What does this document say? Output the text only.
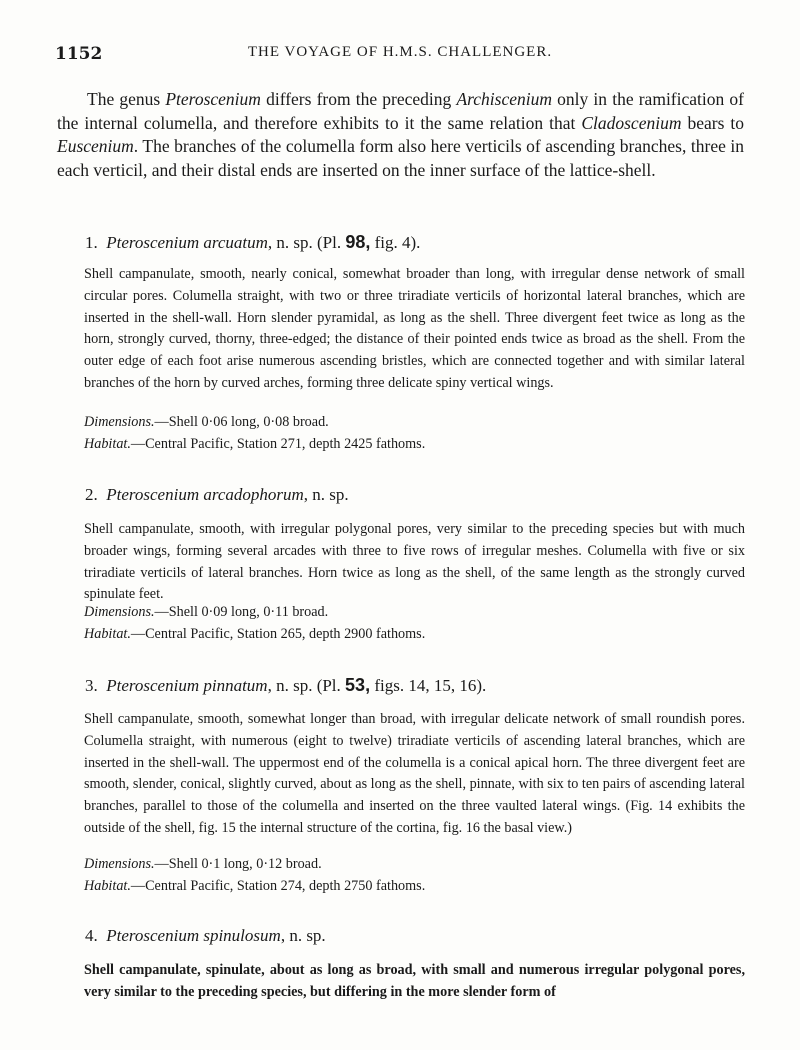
1152	THE VOYAGE OF H.M.S. CHALLENGER.

The genus Pteroscenium differs from the preceding Archiscenium only in the ramification of the internal columella, and therefore exhibits to it the same relation that Cladoscenium bears to Euscenium. The branches of the columella form also here verticils of ascending branches, three in each verticil, and their distal ends are inserted on the inner surface of the lattice-shell.

1. Pteroscenium arcuatum, n. sp. (Pl. 98, fig. 4).

Shell campanulate, smooth, nearly conical, somewhat broader than long, with irregular dense network of small circular pores. Columella straight, with two or three triradiate verticils of horizontal lateral branches, which are inserted in the shell-wall. Horn slender pyramidal, as long as the shell. Three divergent feet twice as long as the horn, strongly curved, thorny, three-edged; the distance of their pointed ends twice as broad as the shell. From the outer edge of each foot arise numerous ascending bristles, which are connected together and with similar lateral branches of the horn by curved arches, forming three delicate spiny vertical wings.

Dimensions.—Shell 0·06 long, 0·08 broad.

Habitat.—Central Pacific, Station 271, depth 2425 fathoms.

2. Pteroscenium arcadophorum, n. sp.

Shell campanulate, smooth, with irregular polygonal pores, very similar to the preceding species but with much broader wings, forming several arcades with three to five rows of irregular meshes. Columella with five or six triradiate verticils of lateral branches. Horn twice as long as the shell, of the same length as the strongly curved spinulate feet.

Dimensions.—Shell 0·09 long, 0·11 broad.

Habitat.—Central Pacific, Station 265, depth 2900 fathoms.

3. Pteroscenium pinnatum, n. sp. (Pl. 53, figs. 14, 15, 16).

Shell campanulate, smooth, somewhat longer than broad, with irregular delicate network of small roundish pores. Columella straight, with numerous (eight to twelve) triradiate verticils of ascending lateral branches, which are inserted in the shell-wall. The uppermost end of the columella is a conical apical horn. The three divergent feet are smooth, slender, conical, slightly curved, about as long as the shell, pinnate, with six to ten pairs of ascending lateral branches, parallel to those of the columella and inserted on the three vaulted lateral wings. (Fig. 14 exhibits the outside of the shell, fig. 15 the internal structure of the cortina, fig. 16 the basal view.)

Dimensions.—Shell 0·1 long, 0·12 broad.

Habitat.—Central Pacific, Station 274, depth 2750 fathoms.

4. Pteroscenium spinulosum, n. sp.

Shell campanulate, spinulate, about as long as broad, with small and numerous irregular polygonal pores, very similar to the preceding species, but differing in the more slender form of
